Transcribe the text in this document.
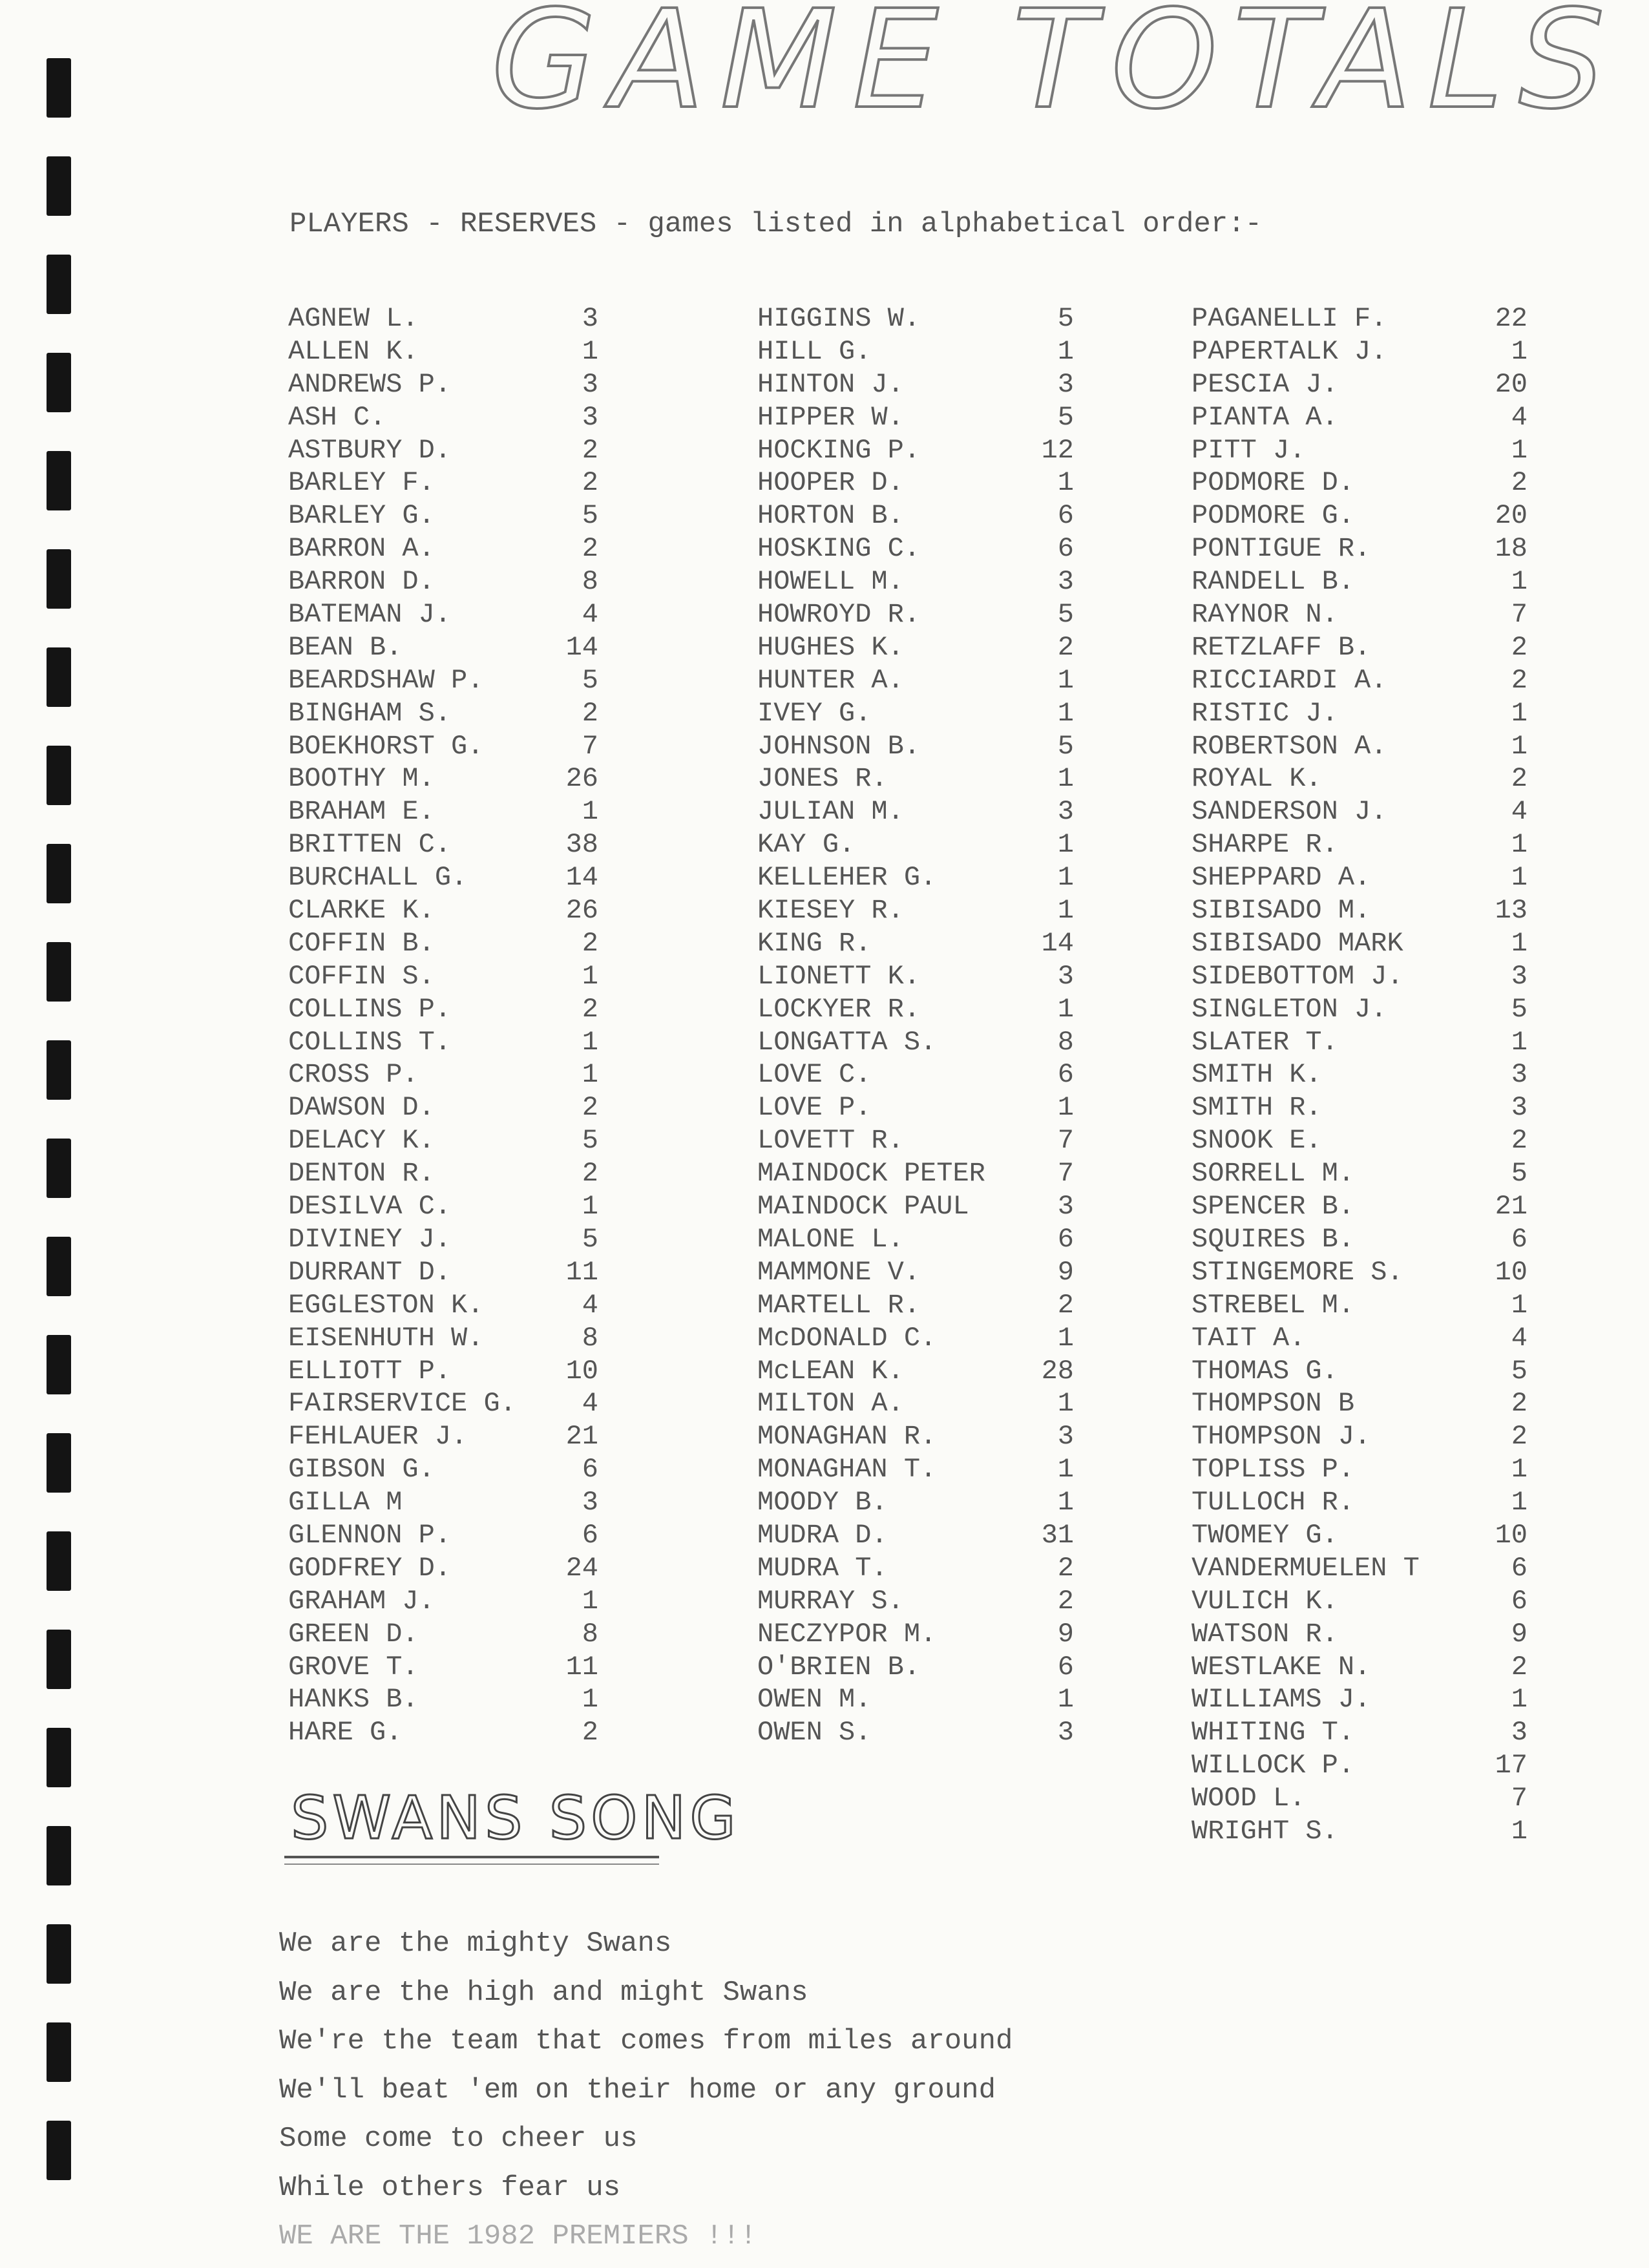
GAME TOTALS
PLAYERS - RESERVES - games listed in alphabetical order:-
AGNEW L.	3
ALLEN K.	1
ANDREWS P.	3
ASH C.	3
ASTBURY D.	2
BARLEY F.	2
BARLEY G.	5
BARRON A.	2
BARRON D.	8
BATEMAN J.	4
BEAN B.	14
BEARDSHAW P.	5
BINGHAM S.	2
BOEKHORST G.	7
BOOTHY M.	26
BRAHAM E.	1
BRITTEN C.	38
BURCHALL G.	14
CLARKE K.	26
COFFIN B.	2
COFFIN S.	1
COLLINS P.	2
COLLINS T.	1
CROSS P.	1
DAWSON D.	2
DELACY K.	5
DENTON R.	2
DESILVA C.	1
DIVINEY J.	5
DURRANT D.	11
EGGLESTON K.	4
EISENHUTH W.	8
ELLIOTT P.	10
FAIRSERVICE G. 4
FEHLAUER J.	21
GIBSON G.	6
GILLA M	3
GLENNON P.	6
GODFREY D.	24
GRAHAM J.	1
GREEN D.	8
GROVE T.	11
HANKS B.	1
HARE G.	2
HIGGINS W.	5
HILL G.	1
HINTON J.	3
HIPPER W.	5
HOCKING P.	12
HOOPER D.	1
HORTON B.	6
HOSKING C.	6
HOWELL M.	3
HOWROYD R.	5
HUGHES K.	2
HUNTER A.	1
IVEY G.	1
JOHNSON B.	5
JONES R.	1
JULIAN M.	3
KAY G.	1
KELLEHER G.	1
KIESEY R.	1
KING R.	14
LIONETT K.	3
LOCKYER R.	1
LONGATTA S.	8
LOVE C.	6
LOVE P.	1
LOVETT R.	7
MAINDOCK PETER	7
MAINDOCK PAUL	3
MALONE L.	6
MAMMONE V.	9
MARTELL R.	2
McDONALD C.	1
McLEAN K.	28
MILTON A.	1
MONAGHAN R.	3
MONAGHAN T.	1
MOODY B.	1
MUDRA D.	31
MUDRA T.	2
MURRAY S.	2
NECZYPOR M.	9
O'BRIEN B.	6
OWEN M.	1
OWEN S.	3
PAGANELLI F.	22
PAPERTALK J.	1
PESCIA J.	20
PIANTA A.	4
PITT J.	1
PODMORE D.	2
PODMORE G.	20
PONTIGUE R.	18
RANDELL B.	1
RAYNOR N.	7
RETZLAFF B.	2
RICCIARDI A.	2
RISTIC J.	1
ROBERTSON A.	1
ROYAL K.	2
SANDERSON J.	4
SHARPE R.	1
SHEPPARD A.	1
SIBISADO M.	13
SIBISADO MARK	1
SIDEBOTTOM J.	3
SINGLETON J.	5
SLATER T.	1
SMITH K.	3
SMITH R.	3
SNOOK E.	2
SORRELL M.	5
SPENCER B.	21
SQUIRES B.	6
STINGEMORE S.	10
STREBEL M.	1
TAIT A.	4
THOMAS G.	5
THOMPSON B	2
THOMPSON J.	2
TOPLISS P.	1
TULLOCH R.	1
TWOMEY G.	10
VANDERMUELEN T	6
VULICH K.	6
WATSON R.	9
WESTLAKE N.	2
WILLIAMS J.	1
WHITING T.	3
WILLOCK P.	17
WOOD L.	7
WRIGHT S.	1
SWANS SONG
We are the mighty Swans
We are the high and might Swans
We're the team that comes from miles around
We'll beat 'em on their home or any ground
Some come to cheer us
While others fear us
WE ARE THE 1982 PREMIERS !!!
